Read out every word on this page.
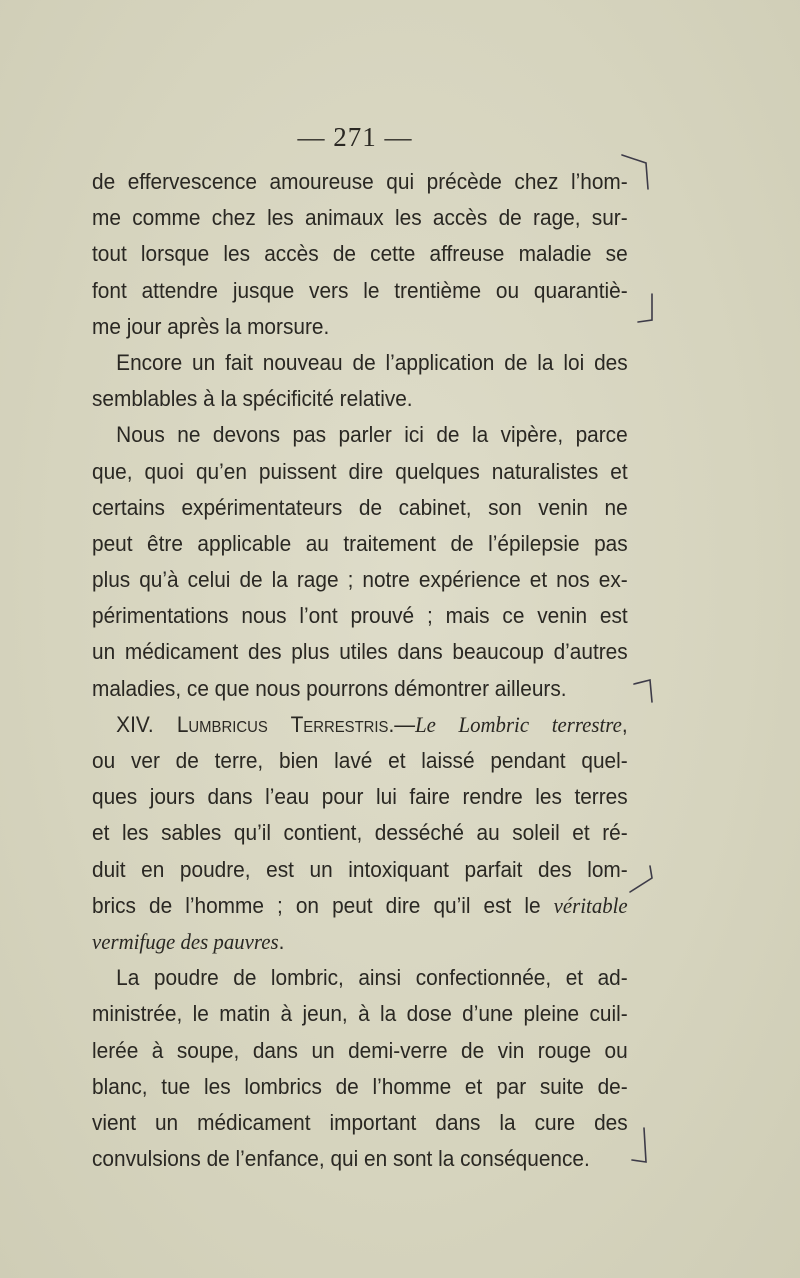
— 271 —
de effervescence amoureuse qui précède chez l’hom-
me comme chez les animaux les accès de rage, sur-
tout lorsque les accès de cette affreuse maladie se
font attendre jusque vers le trentième ou quarantiè-
me jour après la morsure.
Encore un fait nouveau de l’application de la loi des
semblables à la spécificité relative.
Nous ne devons pas parler ici de la vipère, parce
que, quoi qu’en puissent dire quelques naturalistes et
certains expérimentateurs de cabinet, son venin ne
peut être applicable au traitement de l’épilepsie pas
plus qu’à celui de la rage ; notre expérience et nos ex-
périmentations nous l’ont prouvé ; mais ce venin est
un médicament des plus utiles dans beaucoup d’autres
maladies, ce que nous pourrons démontrer ailleurs.
XIV. Lumbricus Terrestris.—Le Lombric terrestre,
ou ver de terre, bien lavé et laissé pendant quel-
ques jours dans l’eau pour lui faire rendre les terres
et les sables qu’il contient, desséché au soleil et ré-
duit en poudre, est un intoxiquant parfait des lom-
brics de l’homme ; on peut dire qu’il est le véritable
vermifuge des pauvres.
La poudre de lombric, ainsi confectionnée, et ad-
ministrée, le matin à jeun, à la dose d’une pleine cuil-
lerée à soupe, dans un demi-verre de vin rouge ou
blanc, tue les lombrics de l’homme et par suite de-
vient un médicament important dans la cure des
convulsions de l’enfance, qui en sont la conséquence.
